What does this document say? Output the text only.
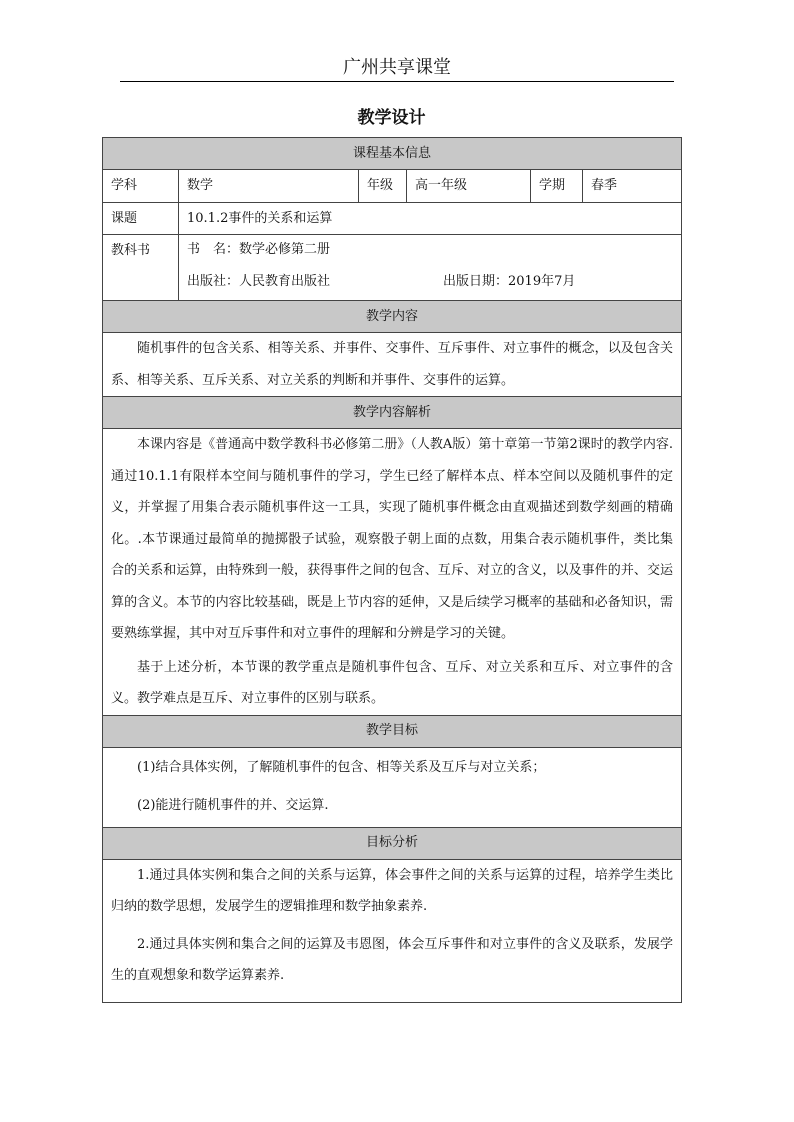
广州共享课堂
教学设计
课程基本信息					
学科	数学	年级	高一年级	学期	春季
课题	10.1.2事件的关系和运算				
教科书	书　名：数学必修第二册
出版社：人民教育出版社 出版日期：2019年7月				

教学内容					

随机事件的包含关系、相等关系、并事件、交事件、互斥事件、对立事件的概念，以及包含关系、相等关系、互斥关系、对立关系的判断和并事件、交事件的运算。					

教学内容解析					

本课内容是《普通高中数学教科书必修第二册》（人教A版）第十章第一节第2课时的教学内容. 通过10.1.1有限样本空间与随机事件的学习，学生已经了解样本点、样本空间以及随机事件的定义，并掌握了用集合表示随机事件这一工具，实现了随机事件概念由直观描述到数学刻画的精确化。.本节课通过最简单的抛掷骰子试验，观察骰子朝上面的点数，用集合表示随机事件，类比集合的关系和运算，由特殊到一般，获得事件之间的包含、互斥、对立的含义，以及事件的并、交运算的含义。本节的内容比较基础，既是上节内容的延伸，又是后续学习概率的基础和必备知识，需要熟练掌握，其中对互斥事件和对立事件的理解和分辨是学习的关键。

基于上述分析，本节课的教学重点是随机事件包含、互斥、对立关系和互斥、对立事件的含义。教学难点是互斥、对立事件的区别与联系。					

教学目标					

(1)结合具体实例，了解随机事件的包含、相等关系及互斥与对立关系；

(2)能进行随机事件的并、交运算.					

目标分析					

1.通过具体实例和集合之间的关系与运算，体会事件之间的关系与运算的过程，培养学生类比归纳的数学思想，发展学生的逻辑推理和数学抽象素养.

2.通过具体实例和集合之间的运算及韦恩图，体会互斥事件和对立事件的含义及联系，发展学生的直观想象和数学运算素养.					
